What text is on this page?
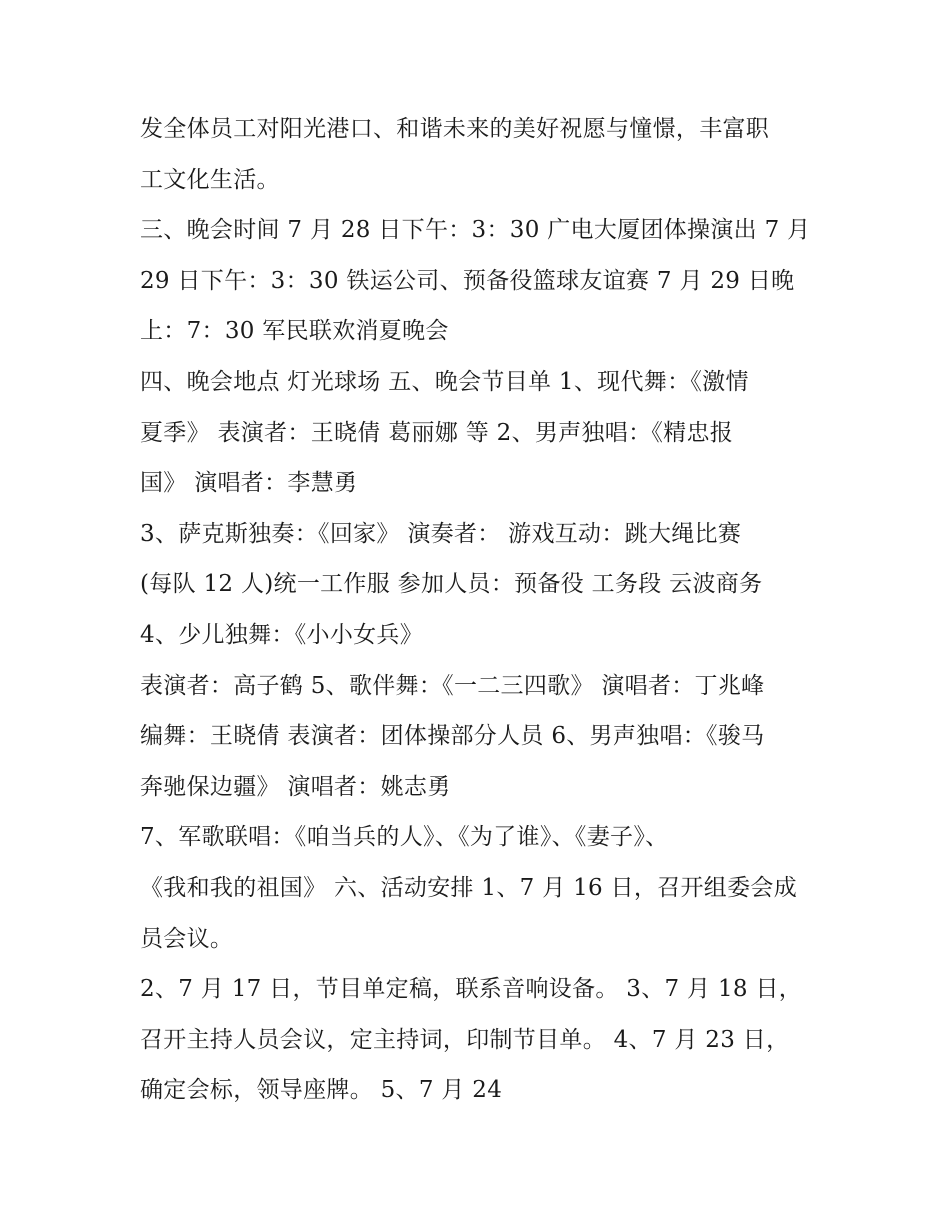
发全体员工对阳光港口、和谐未来的美好祝愿与憧憬，丰富职
工文化生活。
三、晚会时间 7 月 28 日下午：3：30 广电大厦团体操演出 7 月
29 日下午：3：30 铁运公司、预备役篮球友谊赛 7 月 29 日晚
上：7：30 军民联欢消夏晚会
四、晚会地点 灯光球场 五、晚会节目单 1、现代舞：《激情
夏季》 表演者：王晓倩 葛丽娜 等 2、男声独唱：《精忠报
国》 演唱者：李慧勇
3、萨克斯独奏：《回家》 演奏者： 游戏互动：跳大绳比赛
(每队 12 人)统一工作服 参加人员：预备役 工务段 云波商务
4、少儿独舞：《小小女兵》
表演者：高子鹤 5、歌伴舞：《一二三四歌》 演唱者：丁兆峰
编舞：王晓倩 表演者：团体操部分人员 6、男声独唱：《骏马
奔驰保边疆》 演唱者：姚志勇
7、军歌联唱：《咱当兵的人》、《为了谁》、《妻子》、
《我和我的祖国》 六、活动安排 1、7 月 16 日，召开组委会成
员会议。
2、7 月 17 日，节目单定稿，联系音响设备。 3、7 月 18 日，
召开主持人员会议，定主持词，印制节目单。 4、7 月 23 日，
确定会标，领导座牌。 5、7 月 24
